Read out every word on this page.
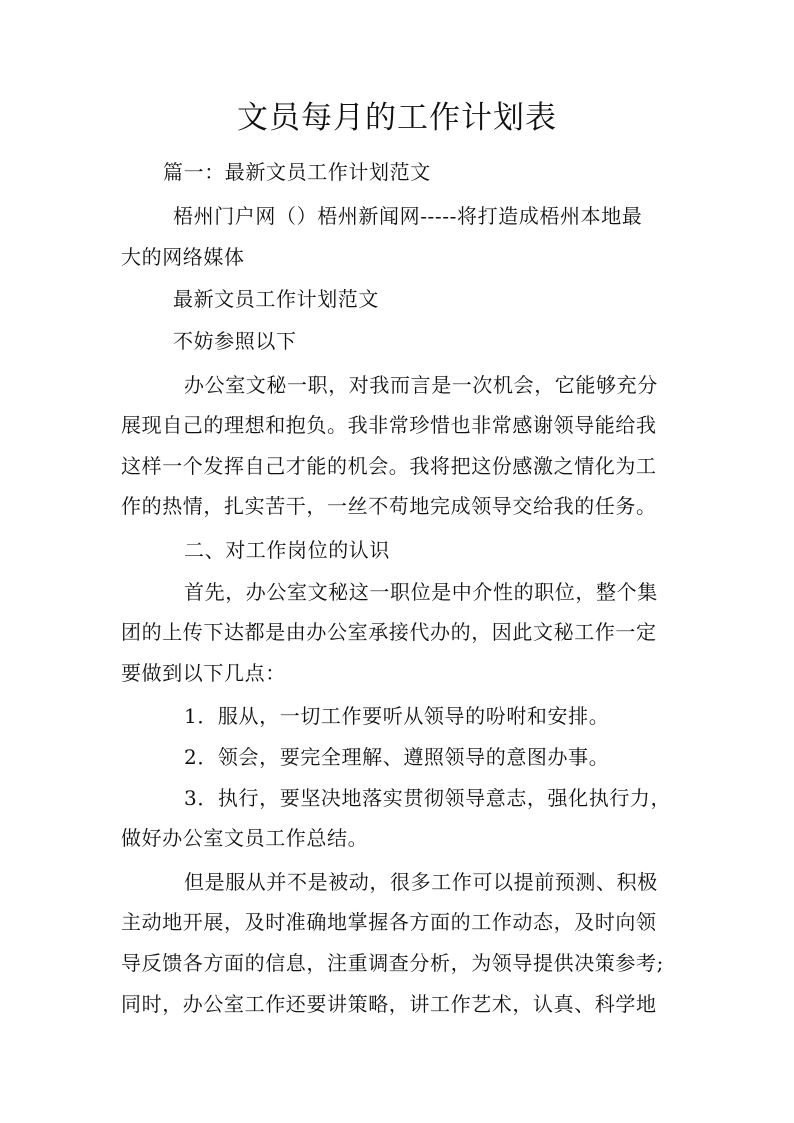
文员每月的工作计划表

篇一：最新文员工作计划范文

梧州门户网（）梧州新闻网-----将打造成梧州本地最

大的网络媒体

最新文员工作计划范文

不妨参照以下

办公室文秘一职，对我而言是一次机会，它能够充分

展现自己的理想和抱负。我非常珍惜也非常感谢领导能给我

这样一个发挥自己才能的机会。我将把这份感激之情化为工

作的热情，扎实苦干，一丝不苟地完成领导交给我的任务。

二、对工作岗位的认识

首先，办公室文秘这一职位是中介性的职位，整个集

团的上传下达都是由办公室承接代办的，因此文秘工作一定

要做到以下几点：

1．服从，一切工作要听从领导的吩咐和安排。

2．领会，要完全理解、遵照领导的意图办事。

3．执行，要坚决地落实贯彻领导意志，强化执行力，

做好办公室文员工作总结。

但是服从并不是被动，很多工作可以提前预测、积极

主动地开展，及时准确地掌握各方面的工作动态，及时向领

导反馈各方面的信息，注重调查分析，为领导提供决策参考;

同时，办公室工作还要讲策略，讲工作艺术，认真、科学地
